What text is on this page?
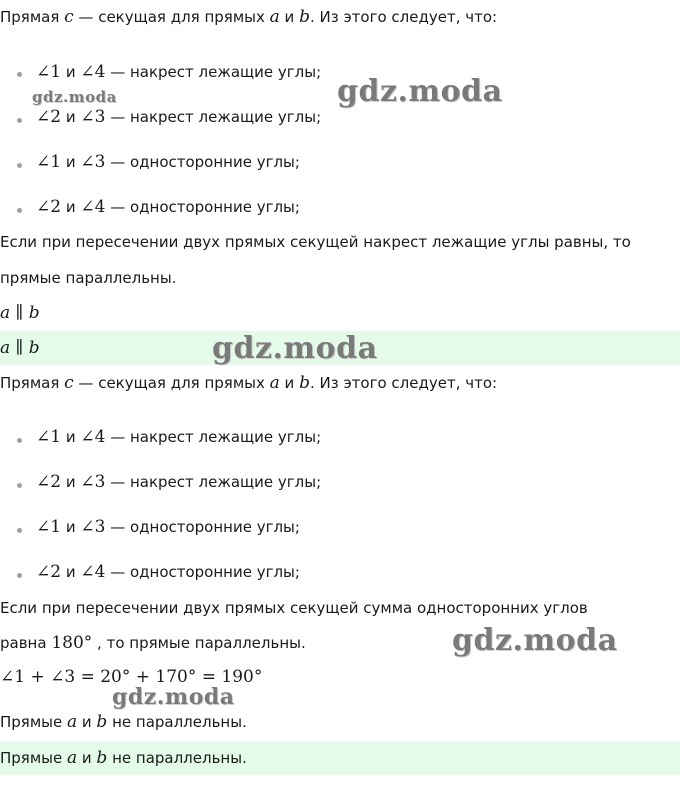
Прямая c — секущая для прямых a и b. Из этого следует, что:
∠1 и ∠4 — накрест лежащие углы;
∠2 и ∠3 — накрест лежащие углы;
∠1 и ∠3 — односторонние углы;
∠2 и ∠4 — односторонние углы;
Если при пересечении двух прямых секущей накрест лежащие углы равны, то
прямые параллельны.
a ∥ b
a ∥ b
Прямая c — секущая для прямых a и b. Из этого следует, что:
∠1 и ∠4 — накрест лежащие углы;
∠2 и ∠3 — накрест лежащие углы;
∠1 и ∠3 — односторонние углы;
∠2 и ∠4 — односторонние углы;
Если при пересечении двух прямых секущей сумма односторонних углов
равна 180° , то прямые параллельны.
∠1 + ∠3 = 20° + 170° = 190°
Прямые a и b не параллельны.
Прямые a и b не параллельны.
gdz.moda
gdz.moda
gdz.moda
gdz.moda
gdz.moda
